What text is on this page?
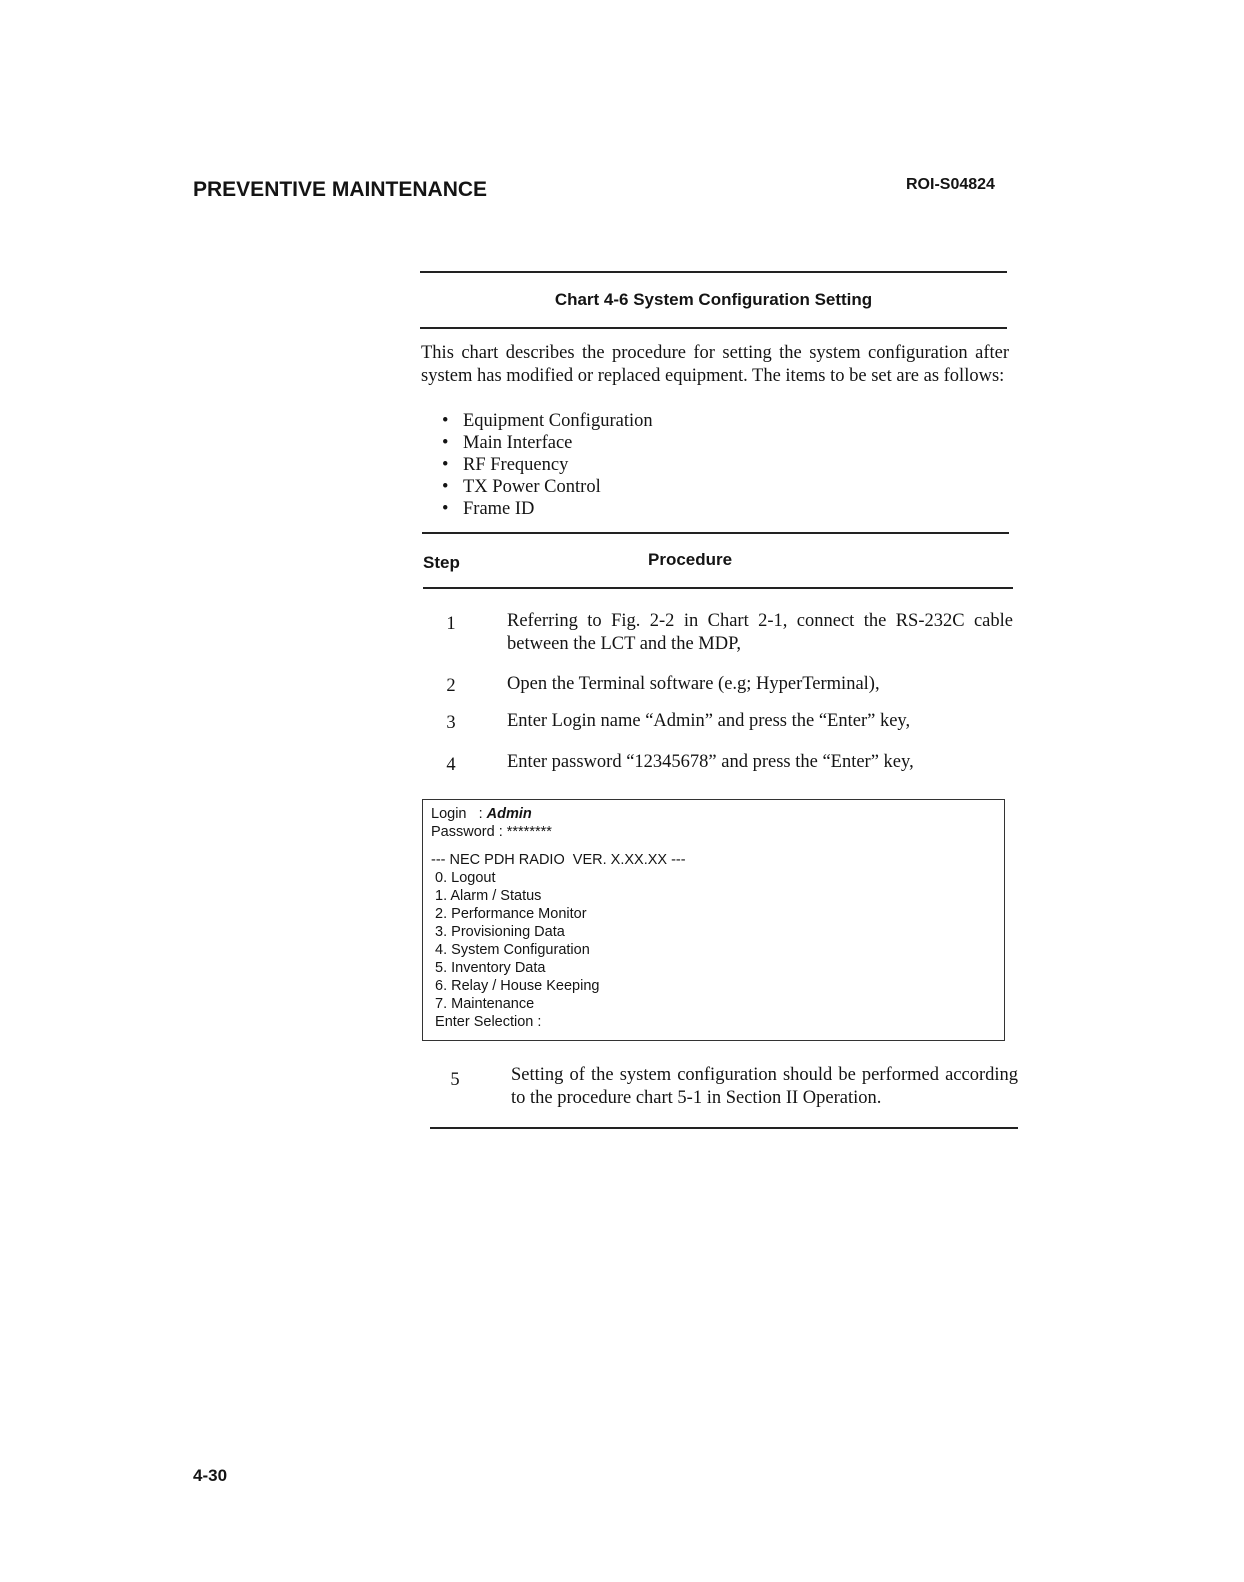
PREVENTIVE MAINTENANCE	ROI-S04824
Chart 4-6 System Configuration Setting
This chart describes the procedure for setting the system configuration after system has modified or replaced equipment. The items to be set are as follows:
• Equipment Configuration
• Main Interface
• RF Frequency
• TX Power Control
• Frame ID
Step	Procedure
1	Referring to Fig. 2-2 in Chart 2-1, connect the RS-232C cable between the LCT and the MDP,
2	Open the Terminal software (e.g; HyperTerminal),
3	Enter Login name “Admin” and press the “Enter” key,
4	Enter password “12345678” and press the “Enter” key,
Login   : Admin
Password : ********
--- NEC PDH RADIO  VER. X.XX.XX ---
0. Logout
1. Alarm / Status
2. Performance Monitor
3. Provisioning Data
4. System Configuration
5. Inventory Data
6. Relay / House Keeping
7. Maintenance
Enter Selection :
5	Setting of the system configuration should be performed according to the procedure chart 5-1 in Section II Operation.
4-30
